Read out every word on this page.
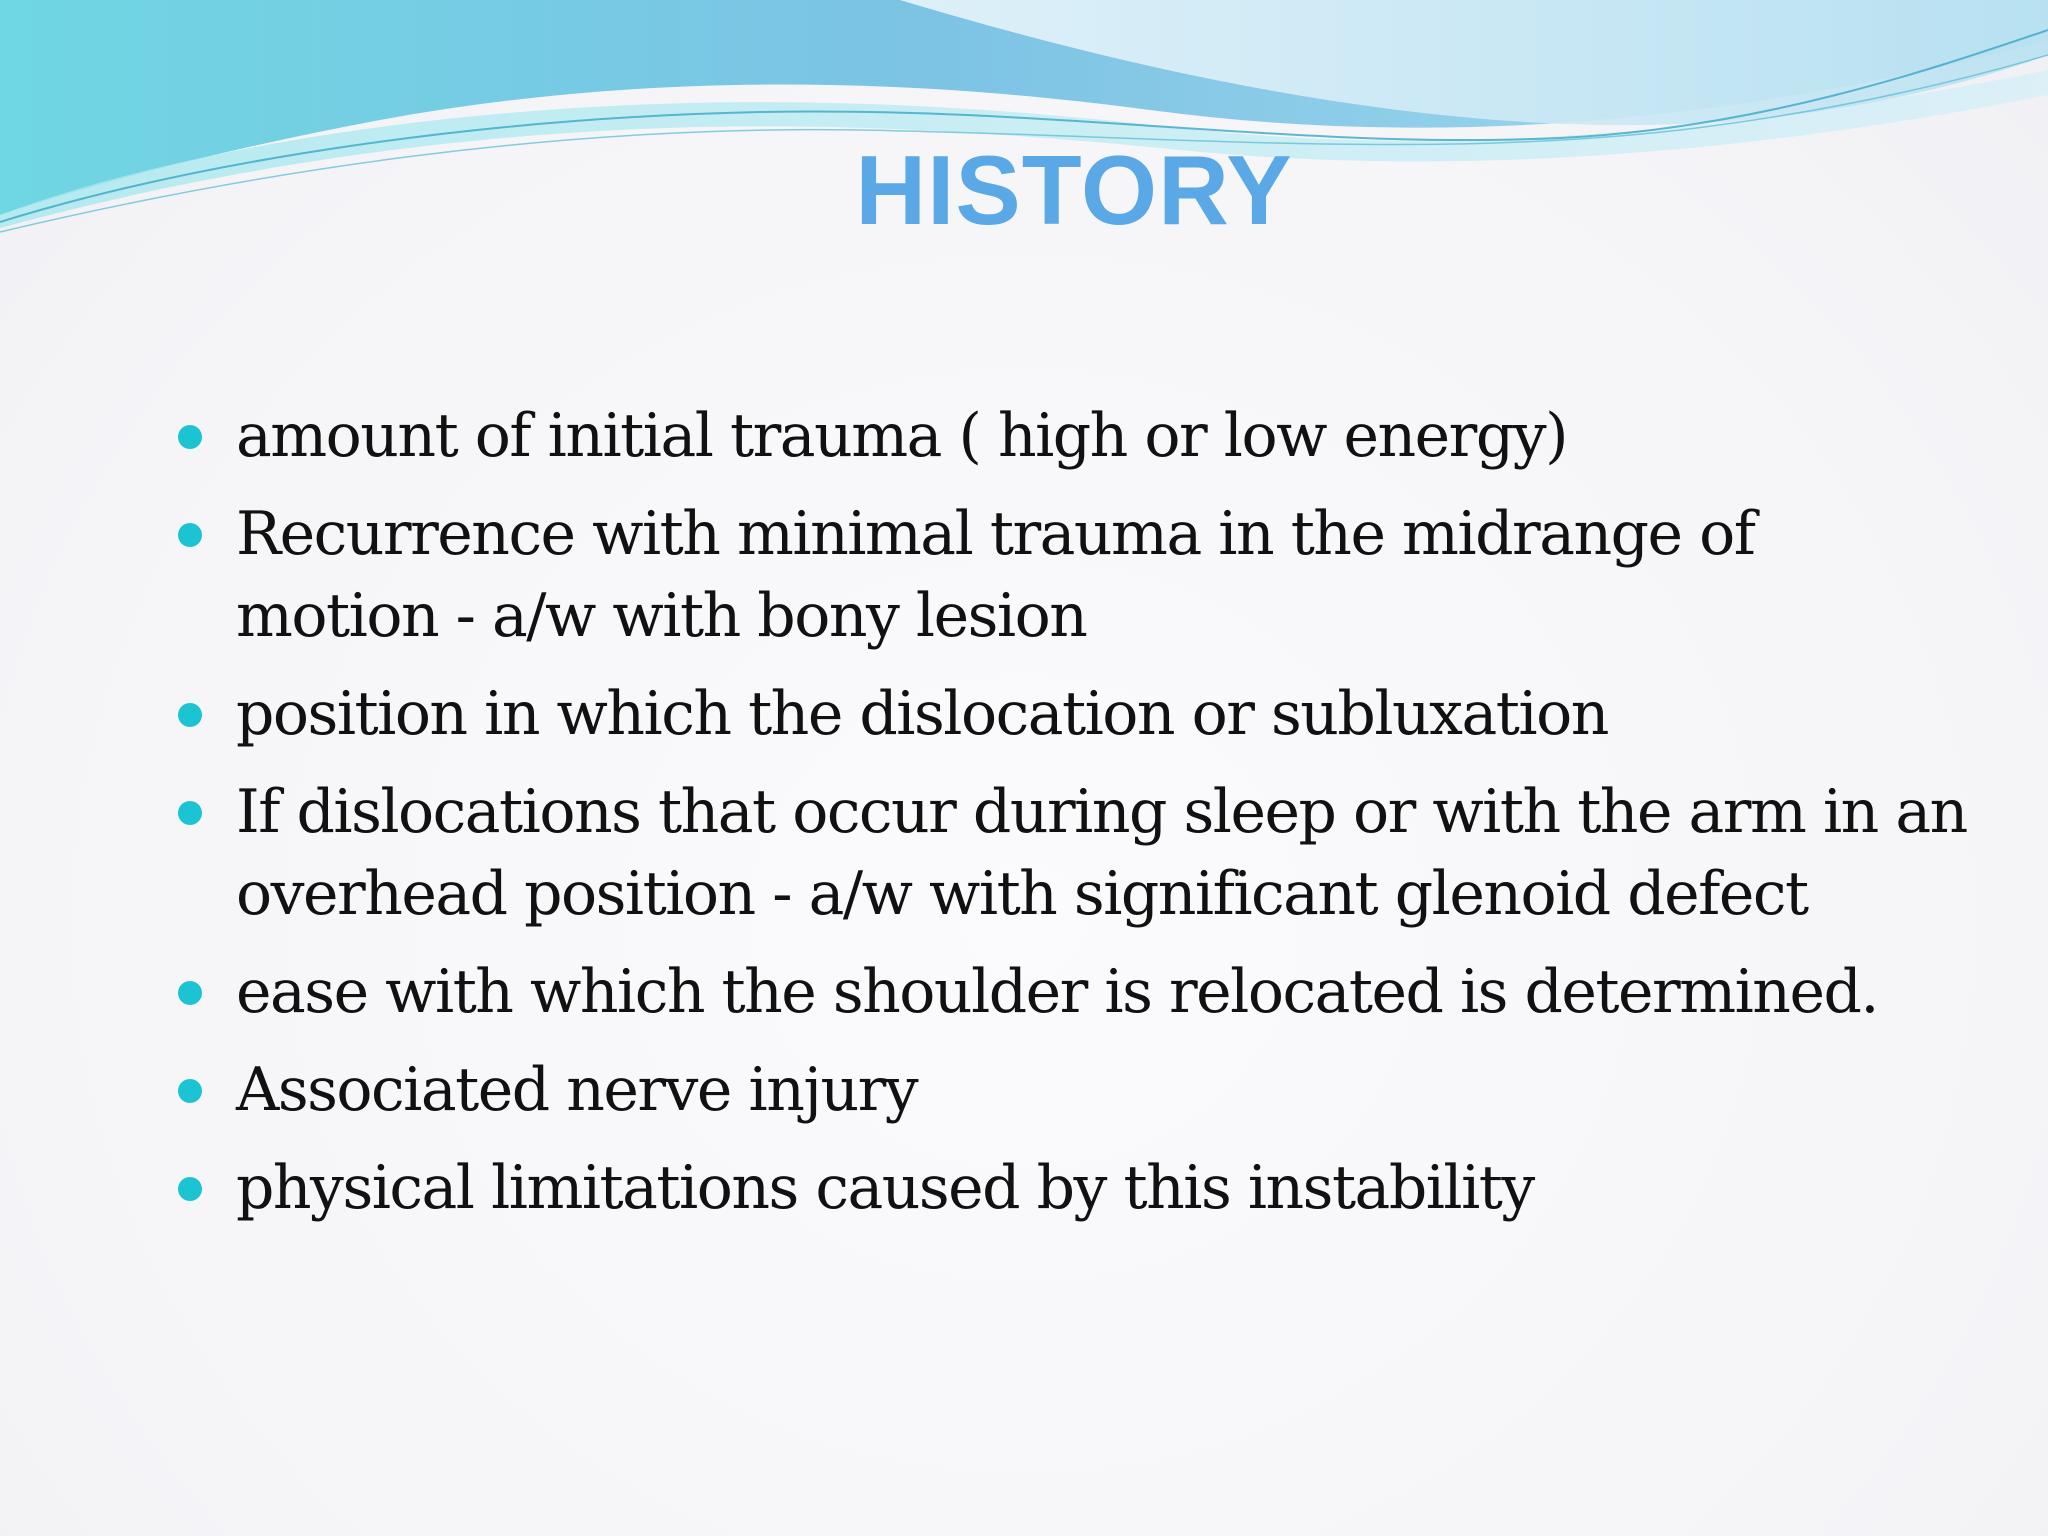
HISTORY
amount of initial trauma ( high or low energy)
Recurrence with minimal trauma in the midrange of motion - a/w with bony lesion
position in which the dislocation or subluxation
If dislocations that occur during sleep or with the arm in an overhead position - a/w with significant glenoid defect
ease with which the shoulder is relocated is determined.
Associated nerve injury
physical limitations caused by this instability
